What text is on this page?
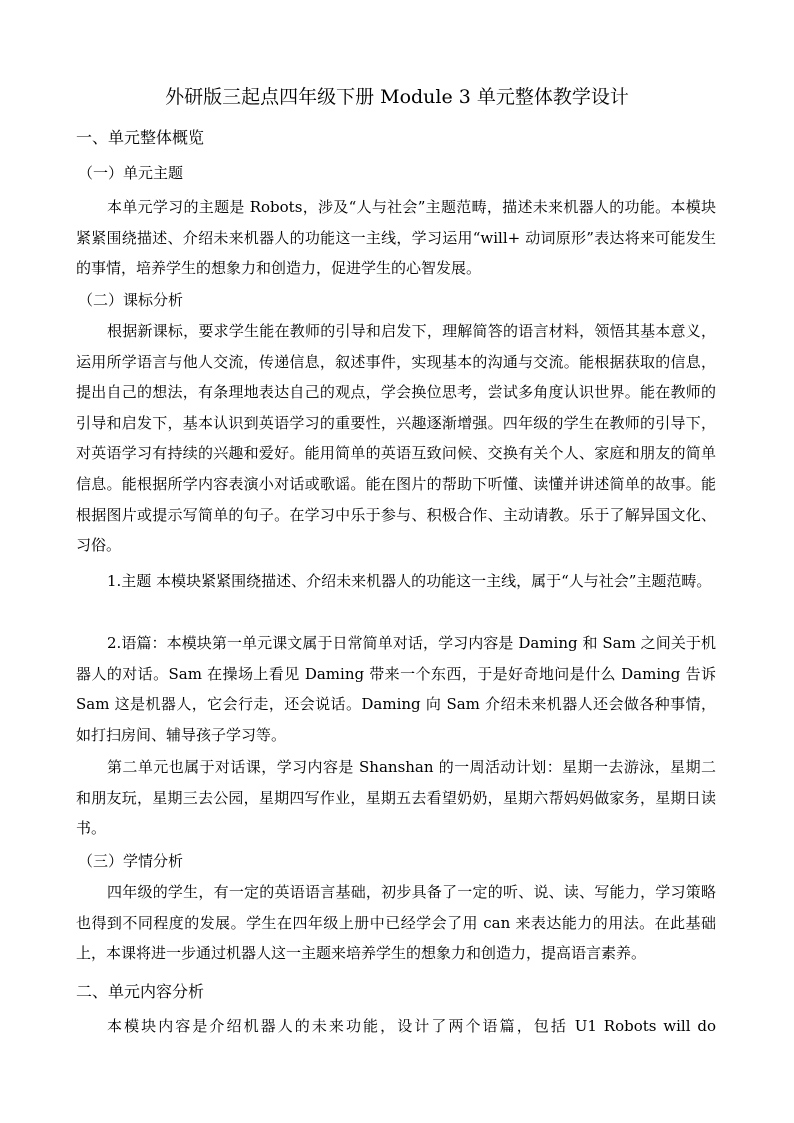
外研版三起点四年级下册 Module 3 单元整体教学设计
一、单元整体概览
（一）单元主题
本单元学习的主题是 Robots，涉及“人与社会”主题范畴，描述未来机器人的功能。本模块紧紧围绕描述、介绍未来机器人的功能这一主线，学习运用“will+ 动词原形”表达将来可能发生的事情，培养学生的想象力和创造力，促进学生的心智发展。
（二）课标分析
根据新课标，要求学生能在教师的引导和启发下，理解简答的语言材料，领悟其基本意义，运用所学语言与他人交流，传递信息，叙述事件，实现基本的沟通与交流。能根据获取的信息，提出自己的想法，有条理地表达自己的观点，学会换位思考，尝试多角度认识世界。能在教师的引导和启发下，基本认识到英语学习的重要性，兴趣逐渐增强。四年级的学生在教师的引导下，对英语学习有持续的兴趣和爱好。能用简单的英语互致问候、交换有关个人、家庭和朋友的简单信息。能根据所学内容表演小对话或歌谣。能在图片的帮助下听懂、读懂并讲述简单的故事。能根据图片或提示写简单的句子。在学习中乐于参与、积极合作、主动请教。乐于了解异国文化、习俗。
1.主题 本模块紧紧围绕描述、介绍未来机器人的功能这一主线，属于“人与社会”主题范畴。
2.语篇：本模块第一单元课文属于日常简单对话，学习内容是 Daming 和 Sam 之间关于机器人的对话。Sam 在操场上看见 Daming 带来一个东西，于是好奇地问是什么 Daming 告诉 Sam 这是机器人，它会行走，还会说话。Daming 向 Sam 介绍未来机器人还会做各种事情，如打扫房间、辅导孩子学习等。
第二单元也属于对话课，学习内容是 Shanshan 的一周活动计划：星期一去游泳，星期二和朋友玩，星期三去公园，星期四写作业，星期五去看望奶奶，星期六帮妈妈做家务，星期日读书。
（三）学情分析
四年级的学生，有一定的英语语言基础，初步具备了一定的听、说、读、写能力，学习策略也得到不同程度的发展。学生在四年级上册中已经学会了用 can 来表达能力的用法。在此基础上，本课将进一步通过机器人这一主题来培养学生的想象力和创造力，提高语言素养。
二、单元内容分析
本模块内容是介绍机器人的未来功能，设计了两个语篇，包括 U1 Robots will do
